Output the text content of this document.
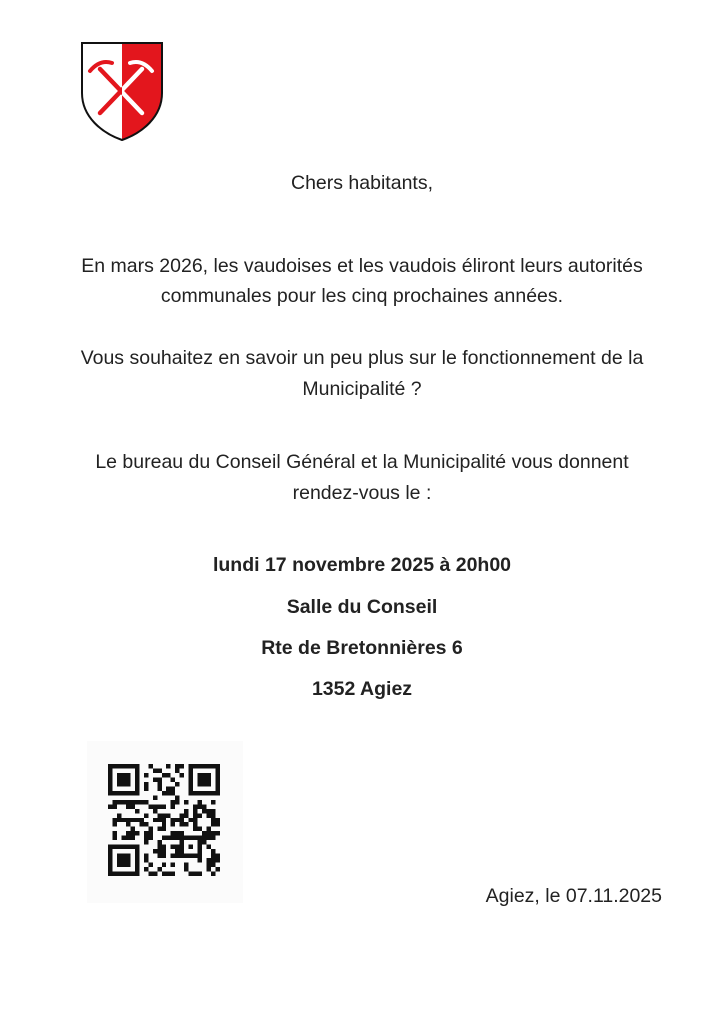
Chers habitants,
En mars 2026, les vaudoises et les vaudois éliront leurs autorités
communales pour les cinq prochaines années.
Vous souhaitez en savoir un peu plus sur le fonctionnement de la
Municipalité ?
Le bureau du Conseil Général et la Municipalité vous donnent
rendez-vous le :
lundi 17 novembre 2025 à 20h00
Salle du Conseil
Rte de Bretonnières 6
1352 Agiez
Agiez, le 07.11.2025
